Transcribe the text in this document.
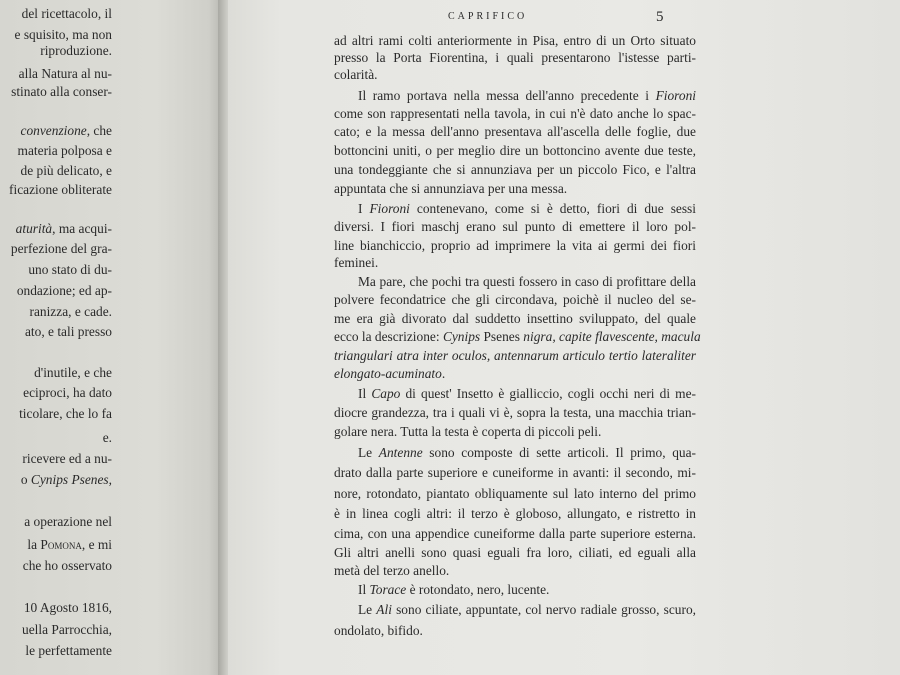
del ricettacolo, il
e squisito, ma non
riproduzione.
alla Natura al nu-
stinato alla conser-
convenzione, che
materia polposa e
de più delicato, e
ficazione obliterate
aturità, ma acqui-
perfezione del gra-
uno stato di du-
ondazione; ed ap-
ranizza, e cade.
ato, e tali presso
d'inutile, e che
eciproci, ha dato
ticolare, che lo fa
e.
ricevere ed a nu-
o Cynips Psenes,
a operazione nel
la Pomona, e mi
che ho osservato
10 Agosto 1816,
uella Parrocchia,
le perfettamente
CAPRIFICO	5
ad altri rami colti anteriormente in Pisa, entro di un Orto situato
presso la Porta Fiorentina, i quali presentarono l'istesse parti-
colarità.
Il ramo portava nella messa dell'anno precedente i Fioroni
come son rappresentati nella tavola, in cui n'è dato anche lo spac-
cato; e la messa dell'anno presentava all'ascella delle foglie, due
bottoncini uniti, o per meglio dire un bottoncino avente due teste,
una tondeggiante che si annunziava per un piccolo Fico, e l'altra
appuntata che si annunziava per una messa.
I Fioroni contenevano, come si è detto, fiori di due sessi
diversi. I fiori maschj erano sul punto di emettere il loro pol-
line bianchiccio, proprio ad imprimere la vita ai germi dei fiori
feminei.
Ma pare, che pochi tra questi fossero in caso di profittare della
polvere fecondatrice che gli circondava, poichè il nucleo del se-
me era già divorato dal suddetto insettino sviluppato, del quale
ecco la descrizione: Cynips Psenes nigra, capite flavescente, macula
triangulari atra inter oculos, antennarum articulo tertio lateraliter
elongato-acuminato.
Il Capo di quest' Insetto è gialliccio, cogli occhi neri di me-
diocre grandezza, tra i quali vi è, sopra la testa, una macchia trian-
golare nera. Tutta la testa è coperta di piccoli peli.
Le Antenne sono composte di sette articoli. Il primo, qua-
drato dalla parte superiore e cuneiforme in avanti: il secondo, mi-
nore, rotondato, piantato obliquamente sul lato interno del primo
è in linea cogli altri: il terzo è globoso, allungato, e ristretto in
cima, con una appendice cuneiforme dalla parte superiore esterna.
Gli altri anelli sono quasi eguali fra loro, ciliati, ed eguali alla
metà del terzo anello.
Il Torace è rotondato, nero, lucente.
Le Ali sono ciliate, appuntate, col nervo radiale grosso, scuro,
ondolato, bifido.
